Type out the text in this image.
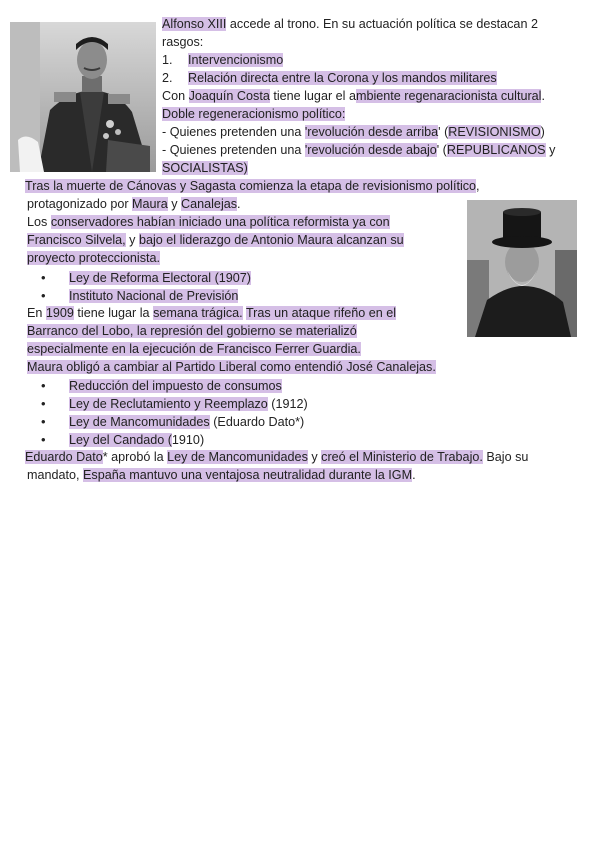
Alfonso XIII accede al trono. En su actuación política se destacan 2
rasgos:
1. Intervencionismo
2. Relación directa entre la Corona y los mandos militares
Con Joaquín Costa tiene lugar el ambiente regenaracionista cultural.
Doble regeneracionismo político:
- Quienes pretenden una 'revolución desde arriba' (REVISIONISMO)
- Quienes pretenden una 'revolución desde abajo' (REPUBLICANOS y
SOCIALISTAS)
Tras la muerte de Cánovas y Sagasta comienza la etapa de revisionismo político,
protagonizado por Maura y Canalejas.
Los conservadores habían iniciado una política reformista ya con
Francisco Silvela, y bajo el liderazgo de Antonio Maura alcanzan su
proyecto proteccionista.
• Ley de Reforma Electoral (1907)
• Instituto Nacional de Previsión
En 1909 tiene lugar la semana trágica. Tras un ataque rifeño en el
Barranco del Lobo, la represión del gobierno se materializó
especialmente en la ejecución de Francisco Ferrer Guardia.
Maura obligó a cambiar al Partido Liberal como entendió José Canalejas.
• Reducción del impuesto de consumos
• Ley de Reclutamiento y Reemplazo (1912)
• Ley de Mancomunidades (Eduardo Dato*)
• Ley del Candado (1910)
Eduardo Dato* aprobó la Ley de Mancomunidades y creó el Ministerio de Trabajo. Bajo su
mandato, España mantuvo una ventajosa neutralidad durante la IGM.
